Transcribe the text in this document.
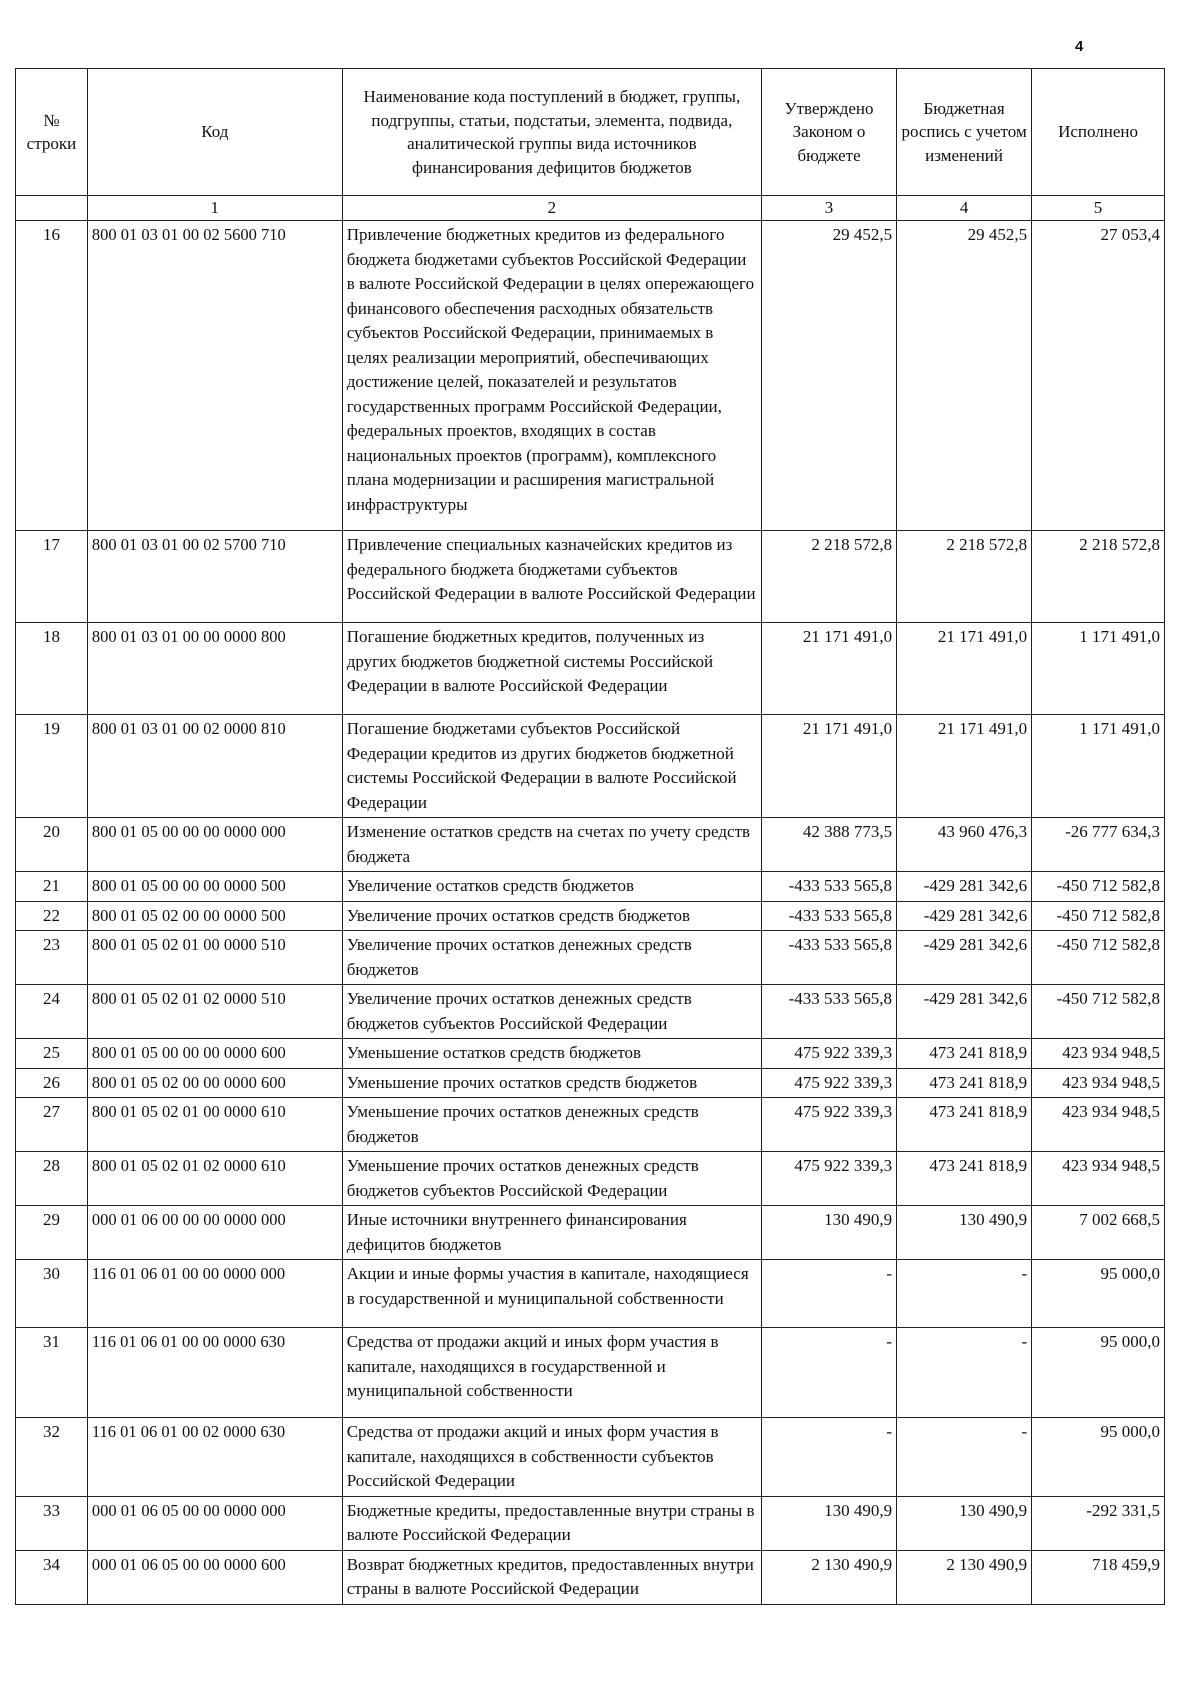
4
№ строки	Код	Наименование кода поступлений в бюджет, группы, подгруппы, статьи, подстатьи, элемента, подвида, аналитической группы вида источников финансирования дефицитов бюджетов	Утверждено Законом о бюджете	Бюджетная роспись с учетом изменений	Исполнено
	1	2	3	4	5
16	800 01 03 01 00 02 5600 710	Привлечение бюджетных кредитов из федерального бюджета бюджетами субъектов Российской Федерации в валюте Российской Федерации в целях опережающего финансового обеспечения расходных обязательств субъектов Российской Федерации, принимаемых в целях реализации мероприятий, обеспечивающих достижение целей, показателей и результатов государственных программ Российской Федерации, федеральных проектов, входящих в состав национальных проектов (программ), комплексного плана модернизации и расширения магистральной инфраструктуры	29 452,5	29 452,5	27 053,4
17	800 01 03 01 00 02 5700 710	Привлечение специальных казначейских кредитов из федерального бюджета бюджетами субъектов Российской Федерации в валюте Российской Федерации	2 218 572,8	2 218 572,8	2 218 572,8
18	800 01 03 01 00 00 0000 800	Погашение бюджетных кредитов, полученных из других бюджетов бюджетной системы Российской Федерации в валюте Российской Федерации	21 171 491,0	21 171 491,0	1 171 491,0
19	800 01 03 01 00 02 0000 810	Погашение бюджетами субъектов Российской Федерации кредитов из других бюджетов бюджетной системы Российской Федерации в валюте Российской Федерации	21 171 491,0	21 171 491,0	1 171 491,0
20	800 01 05 00 00 00 0000 000	Изменение остатков средств на счетах по учету средств бюджета	42 388 773,5	43 960 476,3	-26 777 634,3
21	800 01 05 00 00 00 0000 500	Увеличение остатков средств бюджетов	-433 533 565,8	-429 281 342,6	-450 712 582,8
22	800 01 05 02 00 00 0000 500	Увеличение прочих остатков средств бюджетов	-433 533 565,8	-429 281 342,6	-450 712 582,8
23	800 01 05 02 01 00 0000 510	Увеличение прочих остатков денежных средств бюджетов	-433 533 565,8	-429 281 342,6	-450 712 582,8
24	800 01 05 02 01 02 0000 510	Увеличение прочих остатков денежных средств бюджетов субъектов Российской Федерации	-433 533 565,8	-429 281 342,6	-450 712 582,8
25	800 01 05 00 00 00 0000 600	Уменьшение остатков средств бюджетов	475 922 339,3	473 241 818,9	423 934 948,5
26	800 01 05 02 00 00 0000 600	Уменьшение прочих остатков средств бюджетов	475 922 339,3	473 241 818,9	423 934 948,5
27	800 01 05 02 01 00 0000 610	Уменьшение прочих остатков денежных средств бюджетов	475 922 339,3	473 241 818,9	423 934 948,5
28	800 01 05 02 01 02 0000 610	Уменьшение прочих остатков денежных средств бюджетов субъектов Российской Федерации	475 922 339,3	473 241 818,9	423 934 948,5
29	000 01 06 00 00 00 0000 000	Иные источники внутреннего финансирования дефицитов бюджетов	130 490,9	130 490,9	7 002 668,5
30	116 01 06 01 00 00 0000 000	Акции и иные формы участия в капитале, находящиеся в государственной и муниципальной собственности	-	-	95 000,0
31	116 01 06 01 00 00 0000 630	Средства от продажи акций и иных форм участия в капитале, находящихся в государственной и муниципальной собственности	-	-	95 000,0
32	116 01 06 01 00 02 0000 630	Средства от продажи акций и иных форм участия в капитале, находящихся в собственности субъектов Российской Федерации	-	-	95 000,0
33	000 01 06 05 00 00 0000 000	Бюджетные кредиты, предоставленные внутри страны в валюте Российской Федерации	130 490,9	130 490,9	-292 331,5
34	000 01 06 05 00 00 0000 600	Возврат бюджетных кредитов, предоставленных внутри страны в валюте Российской Федерации	2 130 490,9	2 130 490,9	718 459,9
